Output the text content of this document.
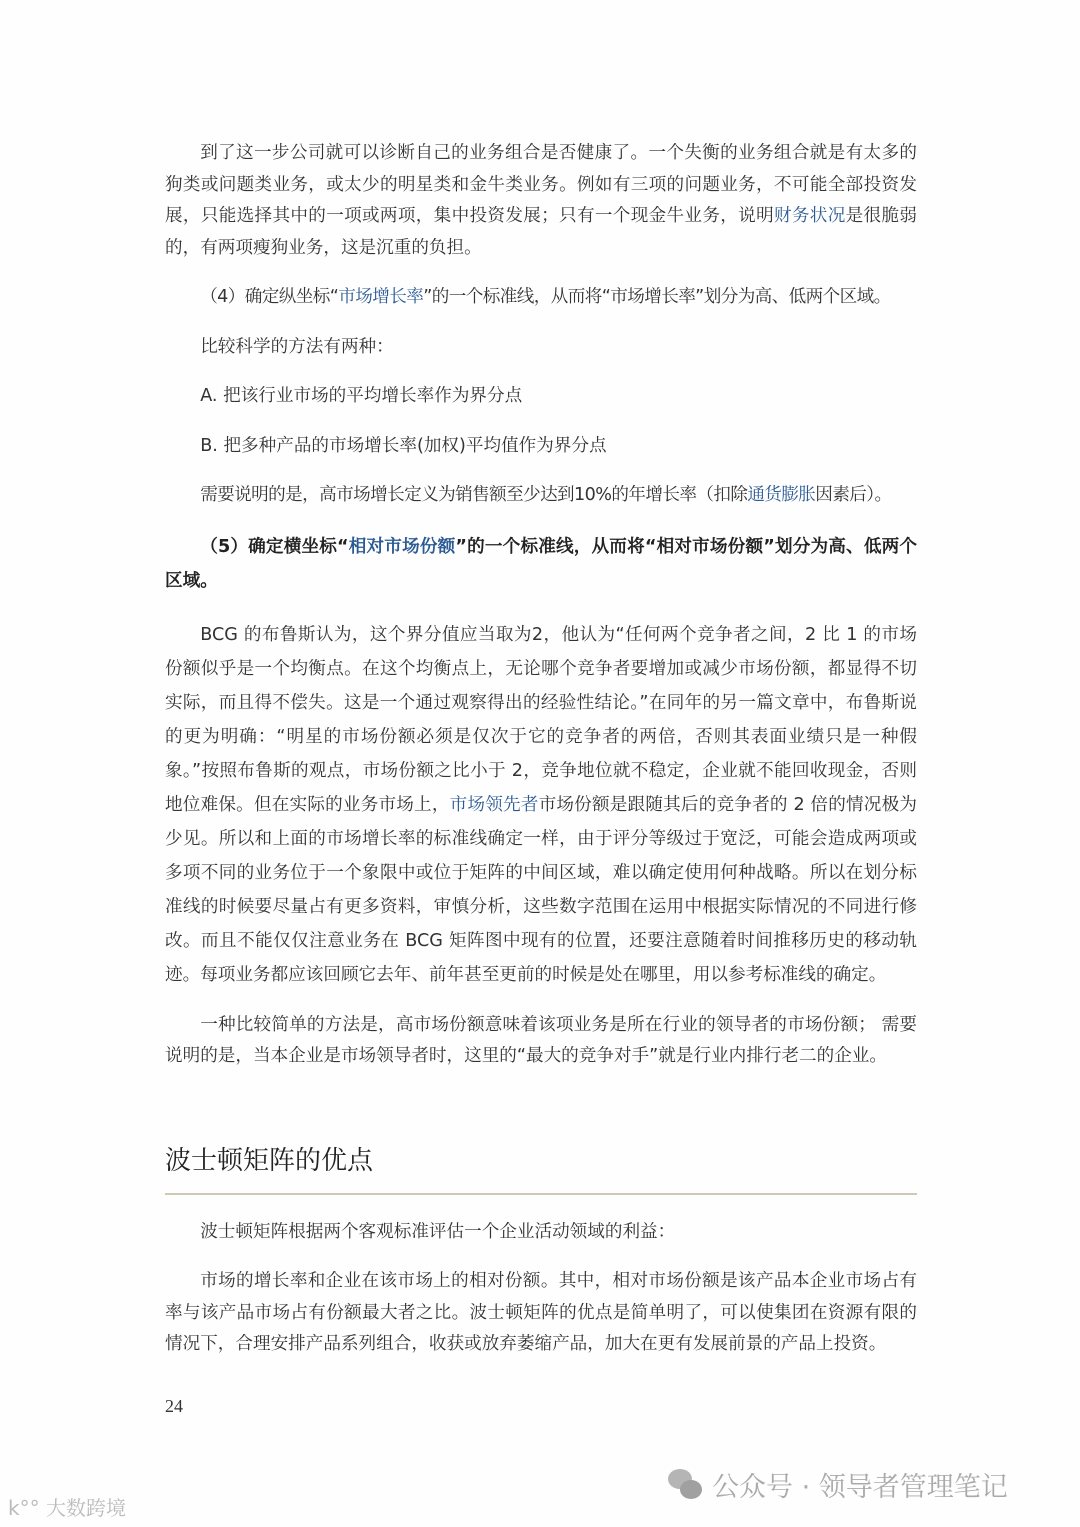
到了这一步公司就可以诊断自己的业务组合是否健康了。一个失衡的业务组合就是有太多的狗类或问题类业务，或太少的明星类和金牛类业务。例如有三项的问题业务，不可能全部投资发展，只能选择其中的一项或两项，集中投资发展；只有一个现金牛业务，说明财务状况是很脆弱的，有两项瘦狗业务，这是沉重的负担。

（4）确定纵坐标“市场增长率”的一个标准线，从而将“市场增长率”划分为高、低两个区域。

比较科学的方法有两种：

A. 把该行业市场的平均增长率作为界分点

B. 把多种产品的市场增长率(加权)平均值作为界分点

需要说明的是，高市场增长定义为销售额至少达到10%的年增长率（扣除通货膨胀因素后）。

（5）确定横坐标“相对市场份额”的一个标准线，从而将“相对市场份额”划分为高、低两个区域。

BCG 的布鲁斯认为，这个界分值应当取为2，他认为“任何两个竞争者之间，2 比 1 的市场份额似乎是一个均衡点。在这个均衡点上，无论哪个竞争者要增加或减少市场份额，都显得不切实际，而且得不偿失。这是一个通过观察得出的经验性结论。”在同年的另一篇文章中，布鲁斯说的更为明确：“明星的市场份额必须是仅次于它的竞争者的两倍，否则其表面业绩只是一种假象。”按照布鲁斯的观点，市场份额之比小于 2，竞争地位就不稳定，企业就不能回收现金，否则地位难保。但在实际的业务市场上，市场领先者市场份额是跟随其后的竞争者的 2 倍的情况极为少见。所以和上面的市场增长率的标准线确定一样，由于评分等级过于宽泛，可能会造成两项或多项不同的业务位于一个象限中或位于矩阵的中间区域，难以确定使用何种战略。所以在划分标准线的时候要尽量占有更多资料，审慎分析，这些数字范围在运用中根据实际情况的不同进行修改。而且不能仅仅注意业务在 BCG 矩阵图中现有的位置，还要注意随着时间推移历史的移动轨迹。每项业务都应该回顾它去年、前年甚至更前的时候是处在哪里，用以参考标准线的确定。

一种比较简单的方法是，高市场份额意味着该项业务是所在行业的领导者的市场份额； 需要说明的是，当本企业是市场领导者时，这里的“最大的竞争对手”就是行业内排行老二的企业。

波士顿矩阵的优点

波士顿矩阵根据两个客观标准评估一个企业活动领域的利益：

市场的增长率和企业在该市场上的相对份额。其中，相对市场份额是该产品本企业市场占有率与该产品市场占有份额最大者之比。波士顿矩阵的优点是简单明了，可以使集团在资源有限的情况下，合理安排产品系列组合，收获或放弃萎缩产品，加大在更有发展前景的产品上投资。

24
公众号 · 领导者管理笔记
k°° 大数跨境
